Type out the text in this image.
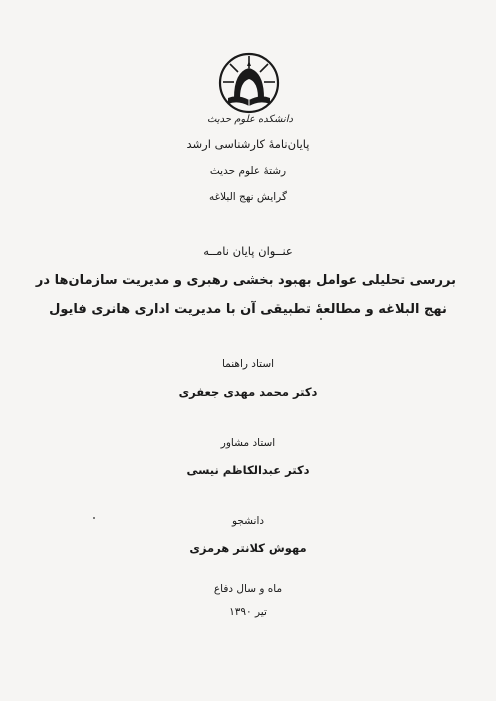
دانشکده علوم حدیث
پایان‌نامهٔ کارشناسی ارشد
رشتهٔ علوم حدیث
گرایش نهج البلاغه
عنــوان پایان نامــه
بررسی تحلیلی عوامل بهبود بخشی رهبری و مدیریت سازمان‌ها در
نهج البلاغه و مطالعهٔ تطبیقی آن با مدیریت اداری هانری فایول
استاد راهنما
دکتر محمد مهدی جعفری
استاد مشاور
دکتر عبدالکاظم نیسی
دانشجو
مهوش کلانتر هرمزی
ماه و سال دفاع
تیر ۱۳۹۰
